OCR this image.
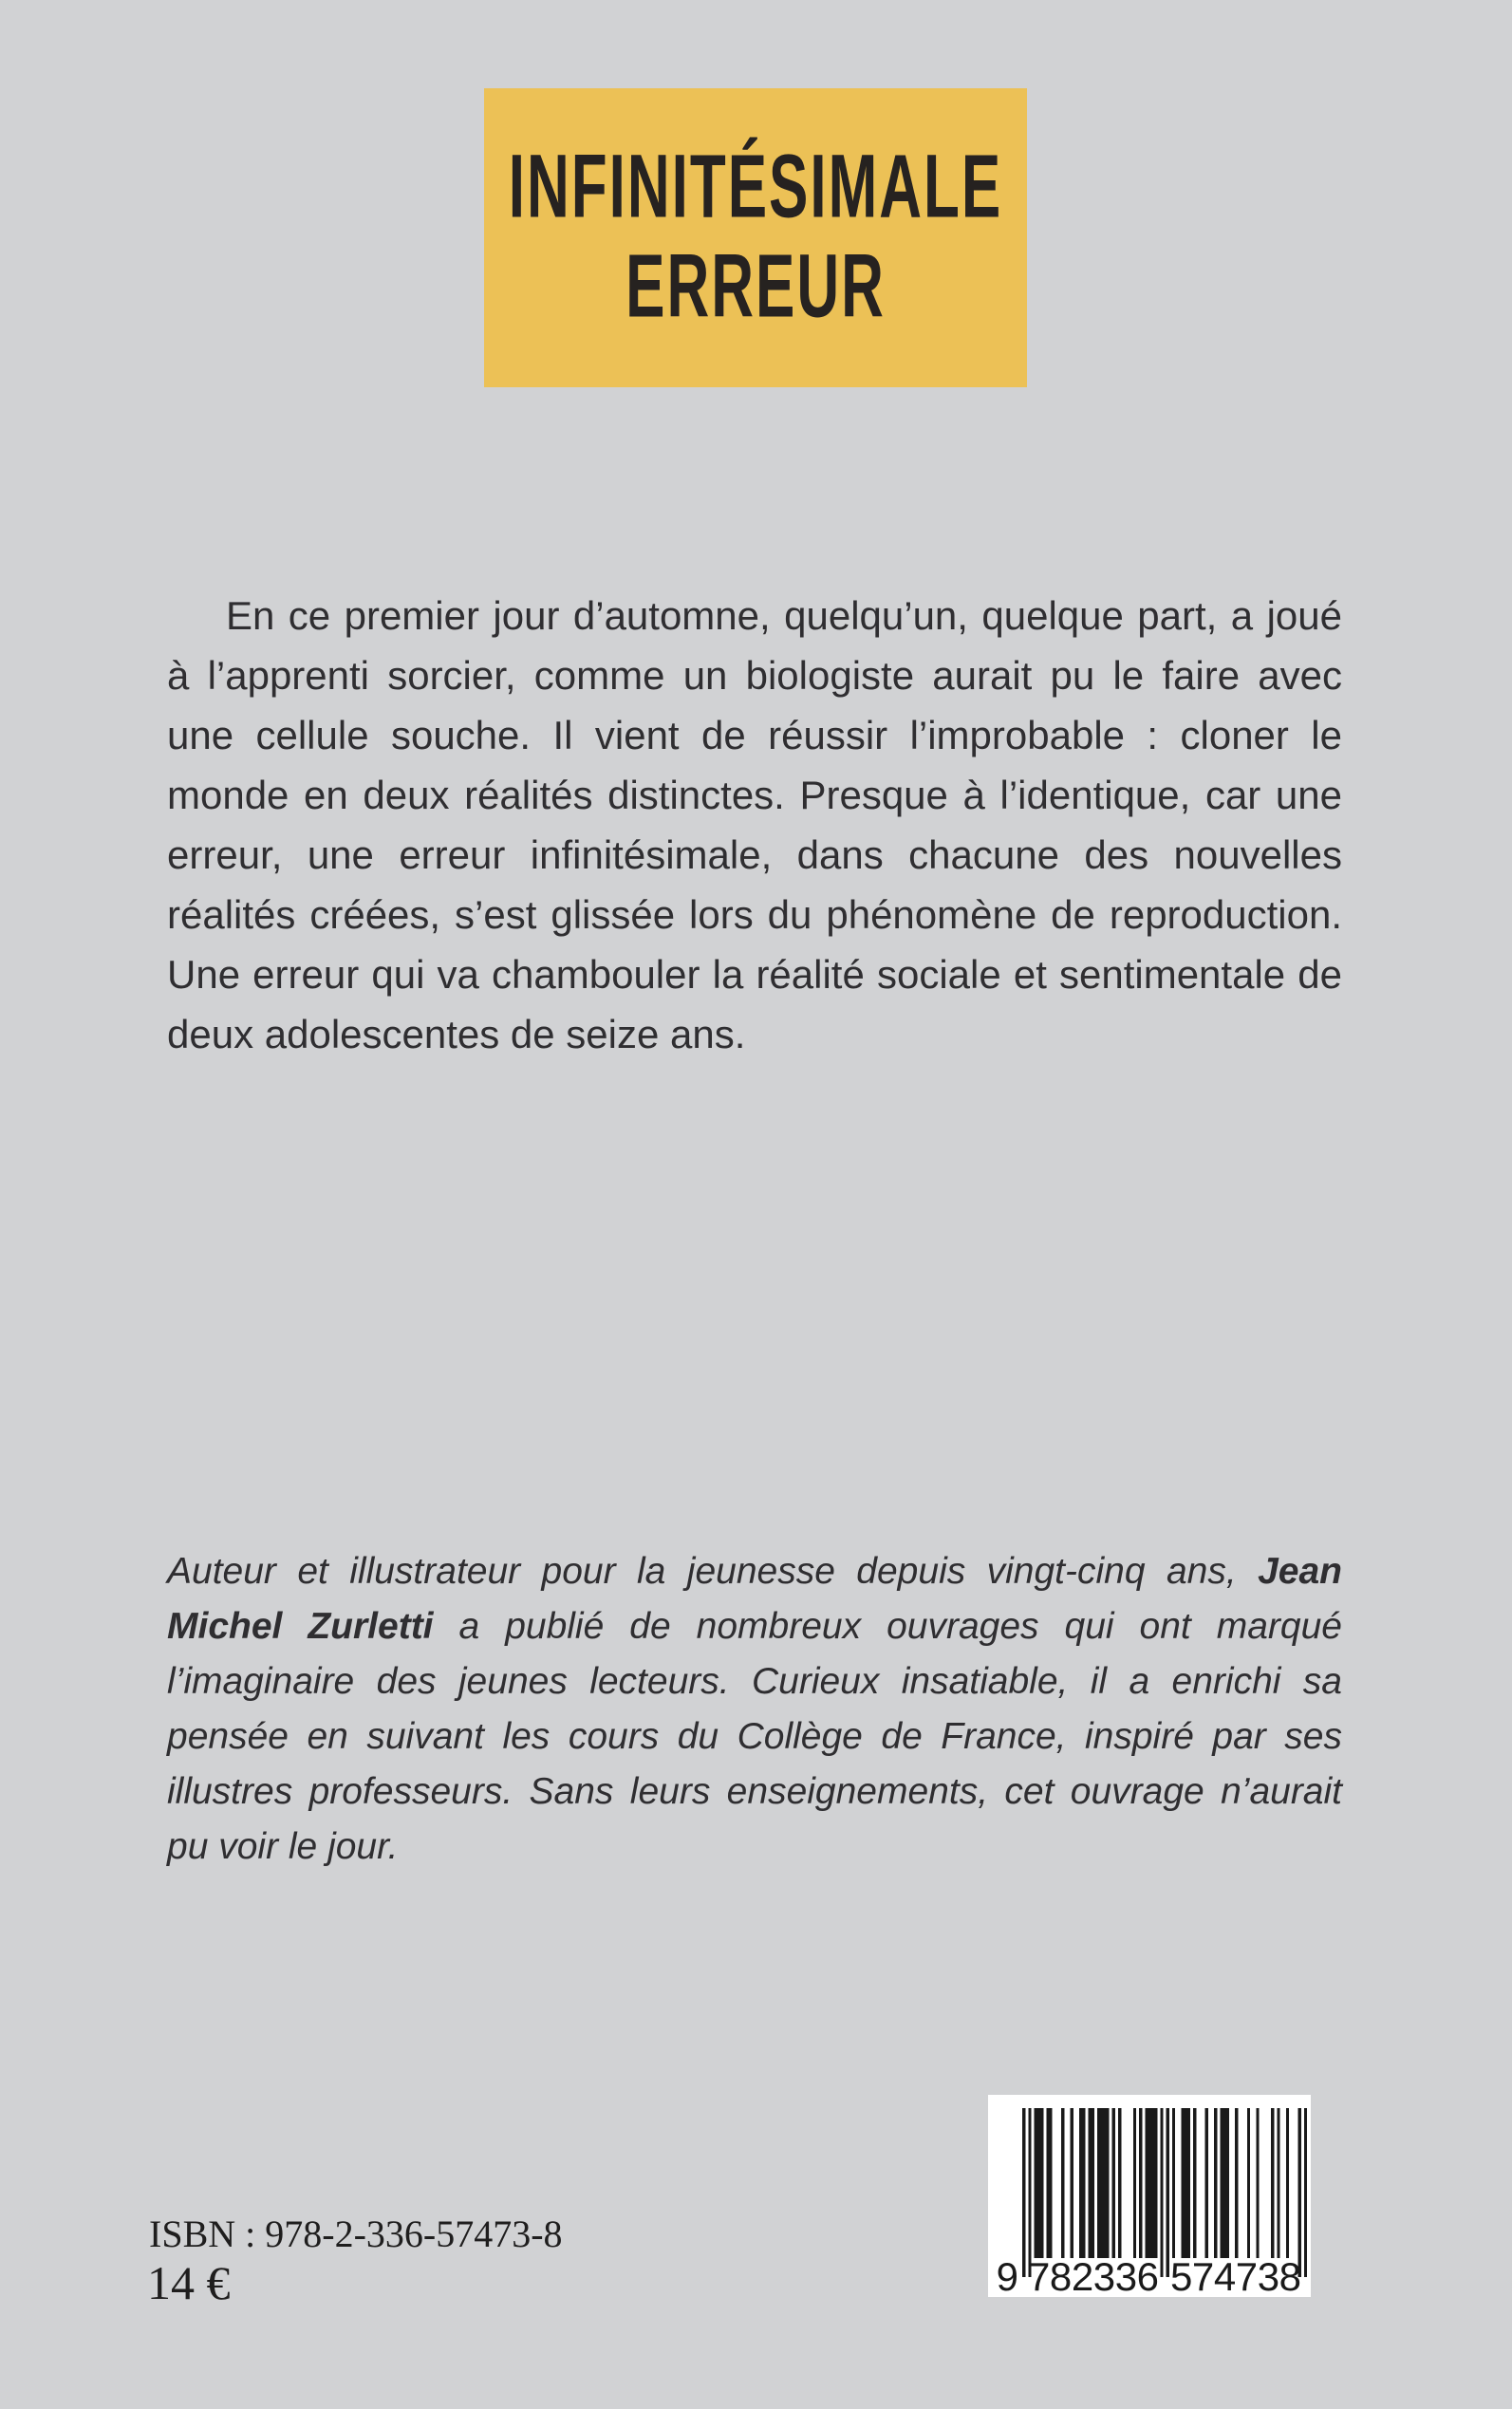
INFINITÉSIMALE
ERREUR

En ce premier jour d’automne, quelqu’un, quelque part, a joué à l’apprenti sorcier, comme un biologiste aurait pu le faire avec une cellule souche. Il vient de réussir l’improbable : cloner le monde en deux réalités distinctes. Presque à l’identique, car une erreur, une erreur infinitésimale, dans chacune des nouvelles réalités créées, s’est glissée lors du phénomène de reproduction. Une erreur qui va chambouler la réalité sociale et sentimentale de deux adolescentes de seize ans.

Auteur et illustrateur pour la jeunesse depuis vingt-cinq ans, Jean Michel Zurletti a publié de nombreux ouvrages qui ont marqué l’imaginaire des jeunes lecteurs. Curieux insatiable, il a enrichi sa pensée en suivant les cours du Collège de France, inspiré par ses illustres professeurs. Sans leurs enseignements, cet ouvrage n’aurait pu voir le jour.

ISBN : 978-2-336-57473-8
14 €	9 782336 574738
